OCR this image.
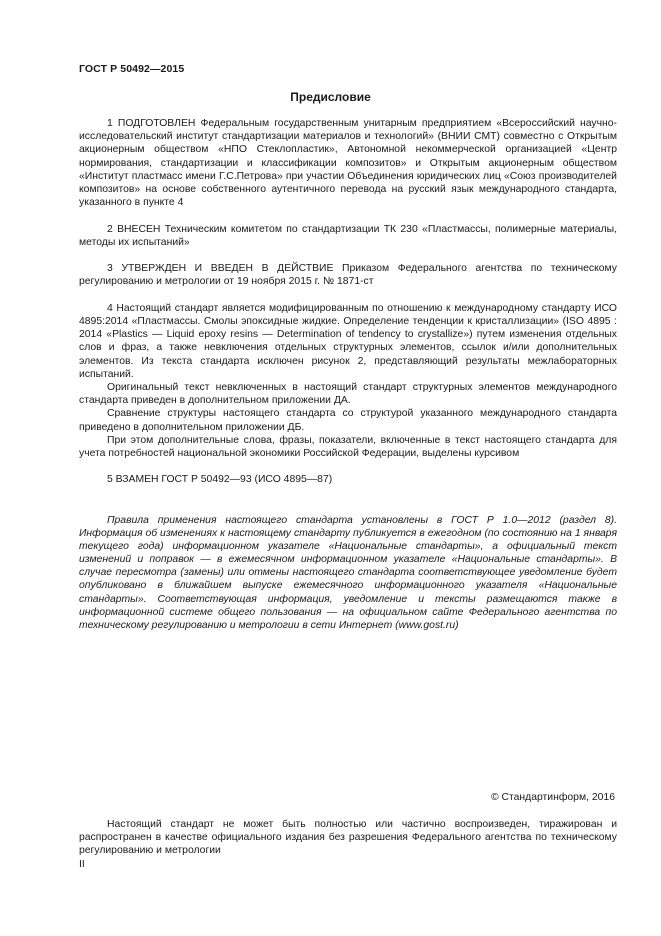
ГОСТ Р 50492—2015
Предисловие

1 ПОДГОТОВЛЕН Федеральным государственным унитарным предприятием «Всероссийский научно-исследовательский институт стандартизации материалов и технологий» (ВНИИ СМТ) совместно с Открытым акционерным обществом «НПО Стеклопластик», Автономной некоммерческой организацией «Центр нормирования, стандартизации и классификации композитов» и Открытым акционерным обществом «Институт пластмасс имени Г.С.Петрова» при участии Объединения юридических лиц «Союз производителей композитов» на основе собственного аутентичного перевода на русский язык международного стандарта, указанного в пункте 4

2 ВНЕСЕН Техническим комитетом по стандартизации ТК 230 «Пластмассы, полимерные материалы, методы их испытаний»

3 УТВЕРЖДЕН И ВВЕДЕН В ДЕЙСТВИЕ Приказом Федерального агентства по техническому регулированию и метрологии от 19 ноября 2015 г. № 1871-ст

4 Настоящий стандарт является модифицированным по отношению к международному стандарту ИСО 4895:2014 «Пластмассы. Смолы эпоксидные жидкие. Определение тенденции к кристаллизации» (ISO 4895 : 2014 «Plastics — Liquid epoxy resins — Determination of tendency to crystallize») путем изменения отдельных слов и фраз, а также невключения отдельных структурных элементов, ссылок и/или дополнительных элементов. Из текста стандарта исключен рисунок 2, представляющий результаты межлабораторных испытаний.

Оригинальный текст невключенных в настоящий стандарт структурных элементов международного стандарта приведен в дополнительном приложении ДА.

Сравнение структуры настоящего стандарта со структурой указанного международного стандарта приведено в дополнительном приложении ДБ.

При этом дополнительные слова, фразы, показатели, включенные в текст настоящего стандарта для учета потребностей национальной экономики Российской Федерации, выделены курсивом

5 ВЗАМЕН ГОСТ Р 50492—93 (ИСО 4895—87)

Правила применения настоящего стандарта установлены в ГОСТ Р 1.0—2012 (раздел 8). Информация об изменениях к настоящему стандарту публикуется в ежегодном (по состоянию на 1 января текущего года) информационном указателе «Национальные стандарты», а официальный текст изменений и поправок — в ежемесячном информационном указателе «Национальные стандарты». В случае пересмотра (замены) или отмены настоящего стандарта соответствующее уведомление будет опубликовано в ближайшем выпуске ежемесячного информационного указателя «Национальные стандарты». Соответствующая информация, уведомление и тексты размещаются также в информационной системе общего пользования — на официальном сайте Федерального агентства по техническому регулированию и метрологии в сети Интернет (www.gost.ru)

© Стандартинформ, 2016

Настоящий стандарт не может быть полностью или частично воспроизведен, тиражирован и распространен в качестве официального издания без разрешения Федерального агентства по техническому регулированию и метрологии

II
